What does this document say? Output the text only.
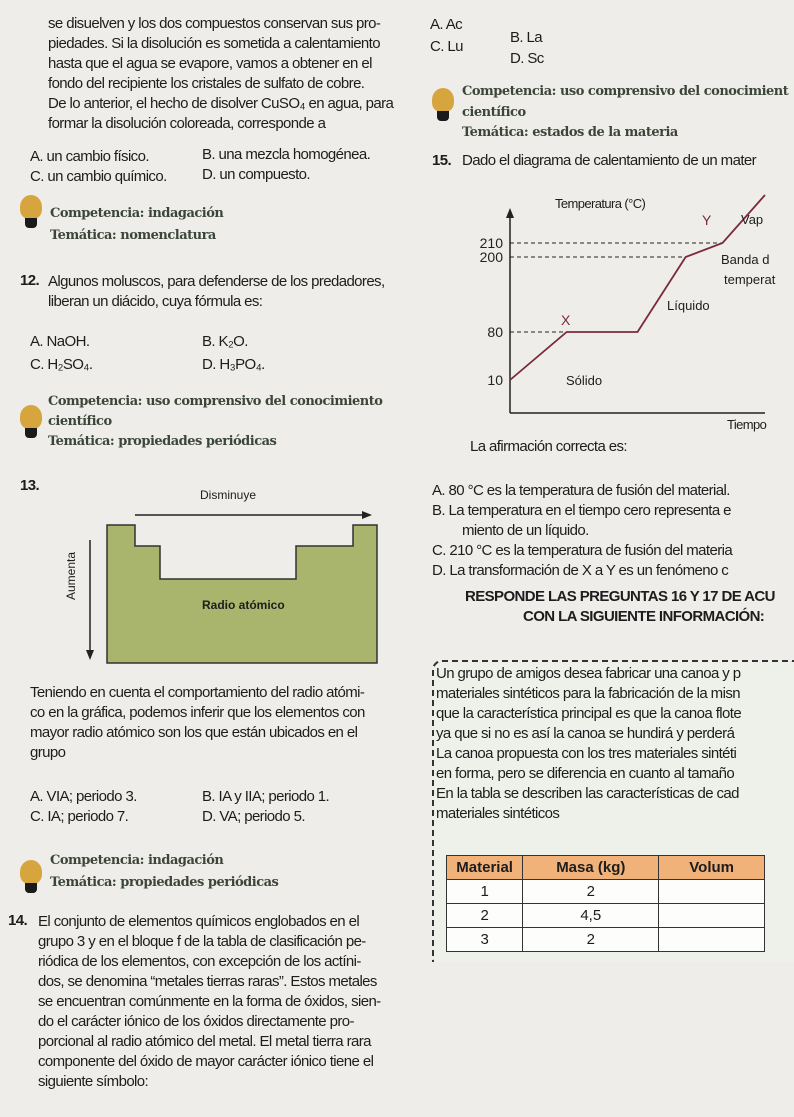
se disuelven y los dos compuestos conservan sus pro-
piedades. Si la disolución es sometida a calentamiento
hasta que el agua se evapore, vamos a obtener en el
fondo del recipiente los cristales de sulfato de cobre.
De lo anterior, el hecho de disolver CuSO₄ en agua, para
formar la disolución coloreada, corresponde a
A. un cambio físico.	B. una mezcla homogénea.
C. un cambio químico. D. un compuesto.
Competencia: indagación
Temática: nomenclatura
12. Algunos moluscos, para defenderse de los predadores,
liberan un diácido, cuya fórmula es:
A. NaOH.	B. K₂O.
C. H₂SO₄.	D. H₃PO₄.
Competencia: uso comprensivo del conocimiento
científico
Temática: propiedades periódicas
13.
Disminuye
Aumenta
Radio atómico
Teniendo en cuenta el comportamiento del radio atómi-
co en la gráfica, podemos inferir que los elementos con
mayor radio atómico son los que están ubicados en el
grupo
A. VIA; periodo 3.	B. IA y IIA; periodo 1.
C. IA; periodo 7.	D. VA; periodo 5.
Competencia: indagación
Temática: propiedades periódicas
14. El conjunto de elementos químicos englobados en el
grupo 3 y en el bloque f de la tabla de clasificación pe-
riódica de los elementos, con excepción de los actíni-
dos, se denomina “metales tierras raras”. Estos metales
se encuentran comúnmente en la forma de óxidos, sien-
do el carácter iónico de los óxidos directamente pro-
porcional al radio atómico del metal. El metal tierra rara
componente del óxido de mayor carácter iónico tiene el
siguiente símbolo:
A. Ac
B. La
C. Lu
D. Sc
Competencia: uso comprensivo del conocimient
científico
Temática: estados de la materia
15. Dado el diagrama de calentamiento de un mater
210
200
80
10
Temperatura (°C)
Tiempo
X
Y Vap
Banda d
temperat
Líquido
Sólido
La afirmación correcta es:
A. 80 °C es la temperatura de fusión del material.
B. La temperatura en el tiempo cero representa e
miento de un líquido.
C. 210 °C es la temperatura de fusión del materia
D. La transformación de X a Y es un fenómeno c
RESPONDE LAS PREGUNTAS 16 Y 17 DE ACU
CON LA SIGUIENTE INFORMACIÓN:
Un grupo de amigos desea fabricar una canoa y p
materiales sintéticos para la fabricación de la misn
que la característica principal es que la canoa flote
ya que si no es así la canoa se hundirá y perderá
La canoa propuesta con los tres materiales sintéti
en forma, pero se diferencia en cuanto al tamaño
En la tabla se describen las características de cad
materiales sintéticos
Material	Masa (kg)	Volum
1	2	
2	4,5	
3	2	
